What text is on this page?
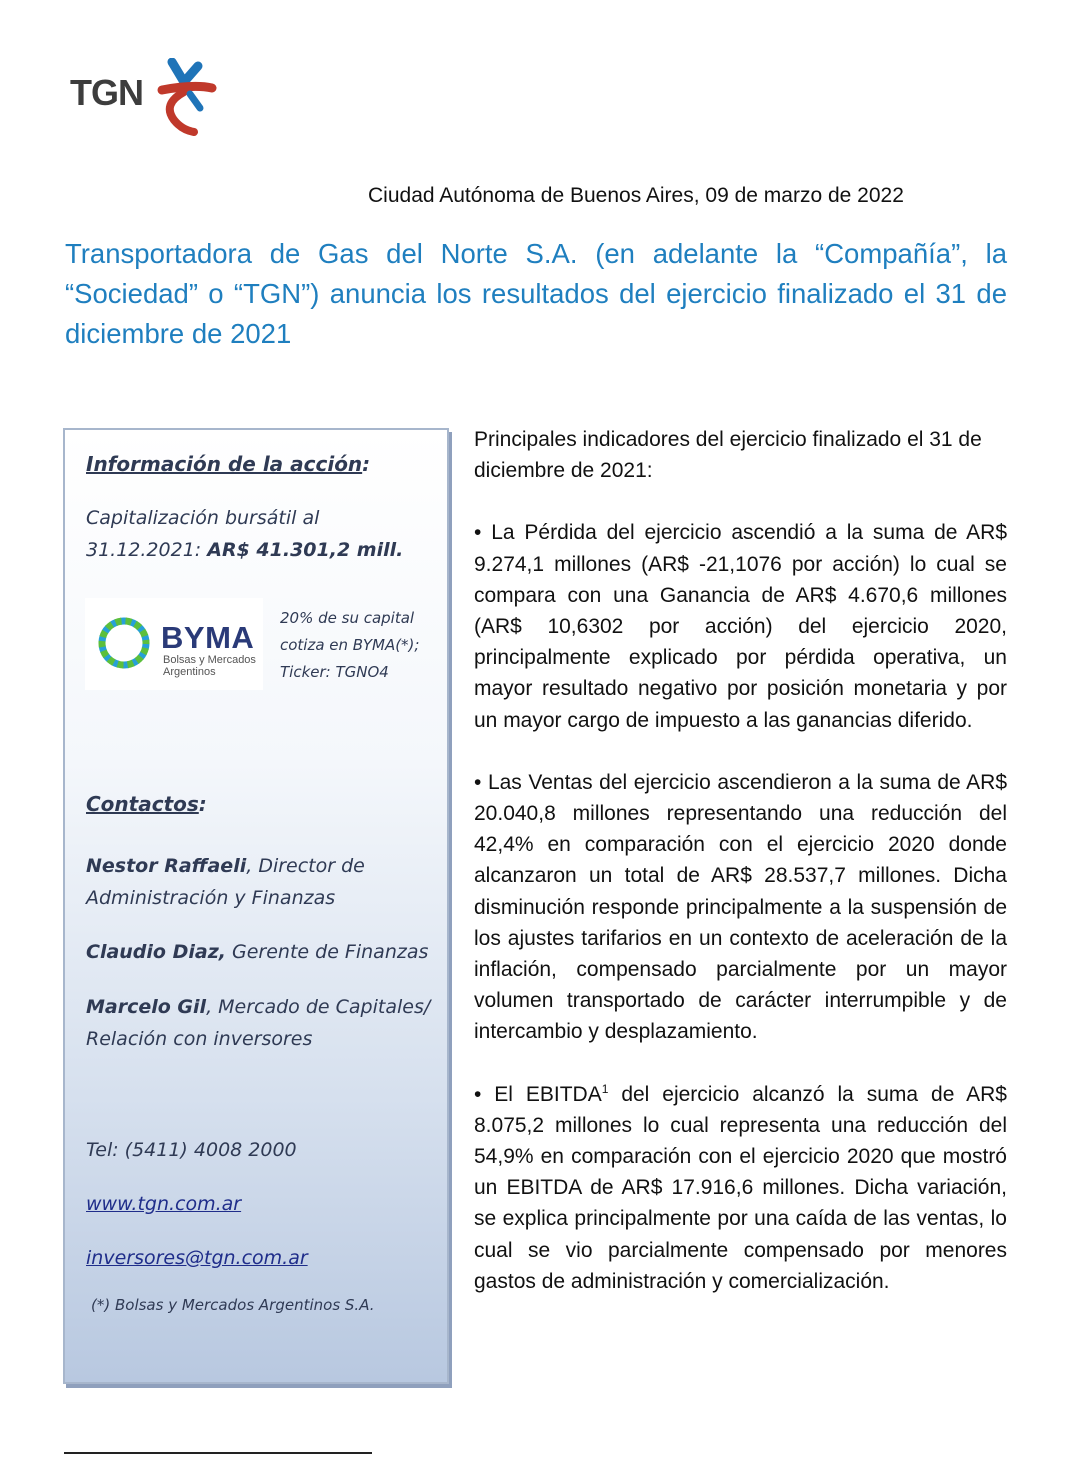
TGN
Ciudad Autónoma de Buenos Aires, 09 de marzo de 2022
Transportadora de Gas del Norte S.A. (en adelante la “Compañía”, la “Sociedad” o “TGN”) anuncia los resultados del ejercicio finalizado el 31 de diciembre de 2021
Información de la acción:
Capitalización bursátil al 31.12.2021: AR$ 41.301,2 mill.
BYMA
Bolsas y Mercados
Argentinos
20% de su capital cotiza en BYMA(*); Ticker: TGNO4
Contactos:
Nestor Raffaeli, Director de Administración y Finanzas
Claudio Diaz, Gerente de Finanzas
Marcelo Gil, Mercado de Capitales/ Relación con inversores
Tel: (5411) 4008 2000
www.tgn.com.ar
inversores@tgn.com.ar
(*) Bolsas y Mercados Argentinos S.A.

Principales indicadores del ejercicio finalizado el 31 de diciembre de 2021:

• La Pérdida del ejercicio ascendió a la suma de AR$ 9.274,1 millones (AR$ -21,1076 por acción) lo cual se compara con una Ganancia de AR$ 4.670,6 millones (AR$ 10,6302 por acción) del ejercicio 2020, principalmente explicado por pérdida operativa, un mayor resultado negativo por posición monetaria y por un mayor cargo de impuesto a las ganancias diferido.

• Las Ventas del ejercicio ascendieron a la suma de AR$ 20.040,8 millones representando una reducción del 42,4% en comparación con el ejercicio 2020 donde alcanzaron un total de AR$ 28.537,7 millones. Dicha disminución responde principalmente a la suspensión de los ajustes tarifarios en un contexto de aceleración de la inflación, compensado parcialmente por un mayor volumen transportado de carácter interrumpible y de intercambio y desplazamiento.

• El EBITDA$^1$ del ejercicio alcanzó la suma de AR$ 8.075,2 millones lo cual representa una reducción del 54,9% en comparación con el ejercicio 2020 que mostró un EBITDA de AR$ 17.916,6 millones. Dicha variación, se explica principalmente por una caída de las ventas, lo cual se vio parcialmente compensado por menores gastos de administración y comercialización.
